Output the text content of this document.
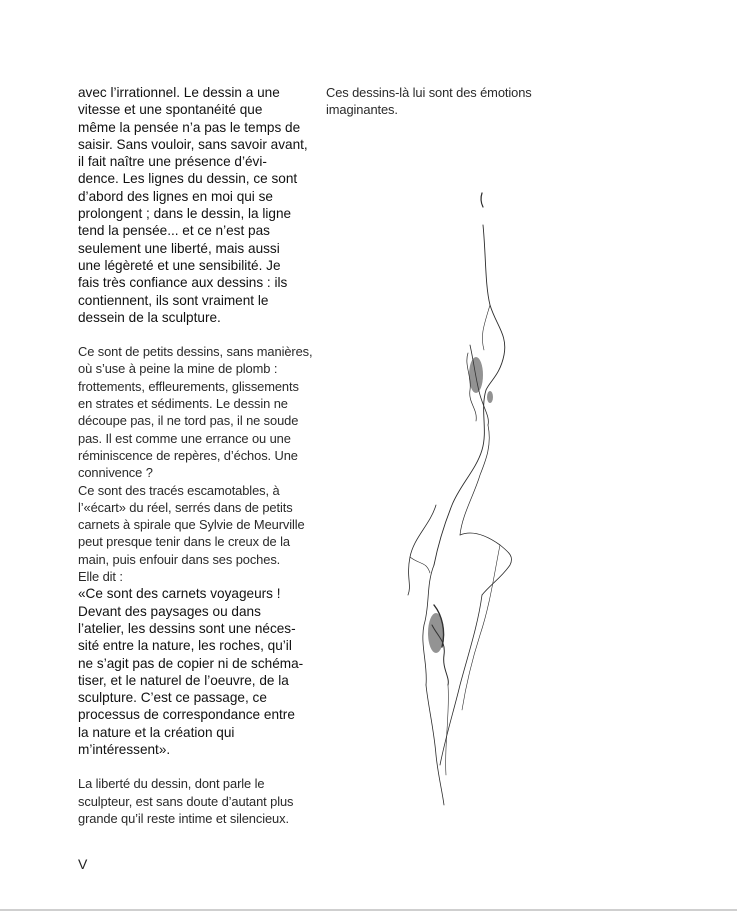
avec l’irrationnel. Le dessin a une
vitesse et une spontanéité que
même la pensée n’a pas le temps de
saisir. Sans vouloir, sans savoir avant,
il fait naître une présence d’évi-
dence. Les lignes du dessin, ce sont
d’abord des lignes en moi qui se
prolongent ; dans le dessin, la ligne
tend la pensée... et ce n’est pas
seulement une liberté, mais aussi
une légèreté et une sensibilité. Je
fais très confiance aux dessins : ils
contiennent, ils sont vraiment le
dessein de la sculpture.

Ce sont de petits dessins, sans manières,
où s’use à peine la mine de plomb :
frottements, effleurements, glissements
en strates et sédiments. Le dessin ne
découpe pas, il ne tord pas, il ne soude
pas. Il est comme une errance ou une
réminiscence de repères, d’échos. Une
connivence ?
Ce sont des tracés escamotables, à
l’«écart» du réel, serrés dans de petits
carnets à spirale que Sylvie de Meurville
peut presque tenir dans le creux de la
main, puis enfouir dans ses poches.
Elle dit :

«Ce sont des carnets voyageurs !
Devant des paysages ou dans
l’atelier, les dessins sont une néces-
sité entre la nature, les roches, qu’il
ne s’agit pas de copier ni de schéma-
tiser, et le naturel de l’oeuvre, de la
sculpture. C’est ce passage, ce
processus de correspondance entre
la nature et la création qui
m’intéressent».

La liberté du dessin, dont parle le
sculpteur, est sans doute d’autant plus
grande qu’il reste intime et silencieux.

Ces dessins-là lui sont des émotions
imaginantes.

V
